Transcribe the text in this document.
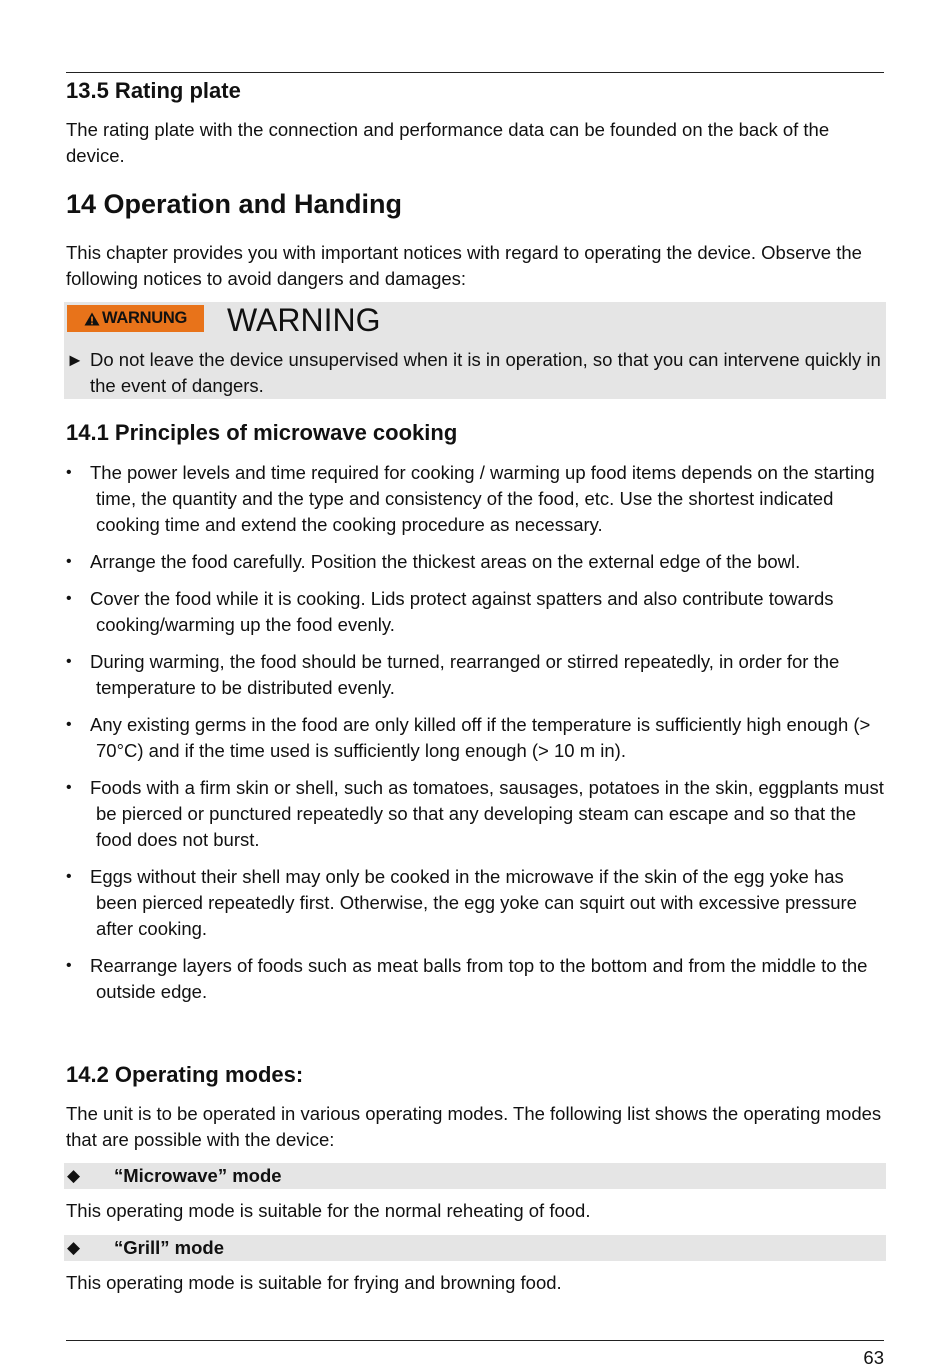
13.5 Rating plate
The rating plate with the connection and performance data can be founded on the back of the device.
14 Operation and Handing
This chapter provides you with important notices with regard to operating the device. Observe the following notices to avoid dangers and damages:
WARNUNG WARNING
► Do not leave the device unsupervised when it is in operation, so that you can intervene quickly in the event of dangers.
14.1 Principles of microwave cooking
• The power levels and time required for cooking / warming up food items depends on the starting time, the quantity and the type and consistency of the food, etc. Use the shortest indicated cooking time and extend the cooking procedure as necessary.
• Arrange the food carefully. Position the thickest areas on the external edge of the bowl.
• Cover the food while it is cooking. Lids protect against spatters and also contribute towards cooking/warming up the food evenly.
• During warming, the food should be turned, rearranged or stirred repeatedly, in order for the temperature to be distributed evenly.
• Any existing germs in the food are only killed off if the temperature is sufficiently high enough (> 70°C) and if the time used is sufficiently long enough (> 10 m in).
• Foods with a firm skin or shell, such as tomatoes, sausages, potatoes in the skin, eggplants must be pierced or punctured repeatedly so that any developing steam can escape and so that the food does not burst.
• Eggs without their shell may only be cooked in the microwave if the skin of the egg yoke has been pierced repeatedly first. Otherwise, the egg yoke can squirt out with excessive pressure after cooking.
• Rearrange layers of foods such as meat balls from top to the bottom and from the middle to the outside edge.
14.2 Operating modes:
The unit is to be operated in various operating modes. The following list shows the operating modes that are possible with the device:
◆ “Microwave” mode
This operating mode is suitable for the normal reheating of food.
◆ “Grill” mode
This operating mode is suitable for frying and browning food.
63
